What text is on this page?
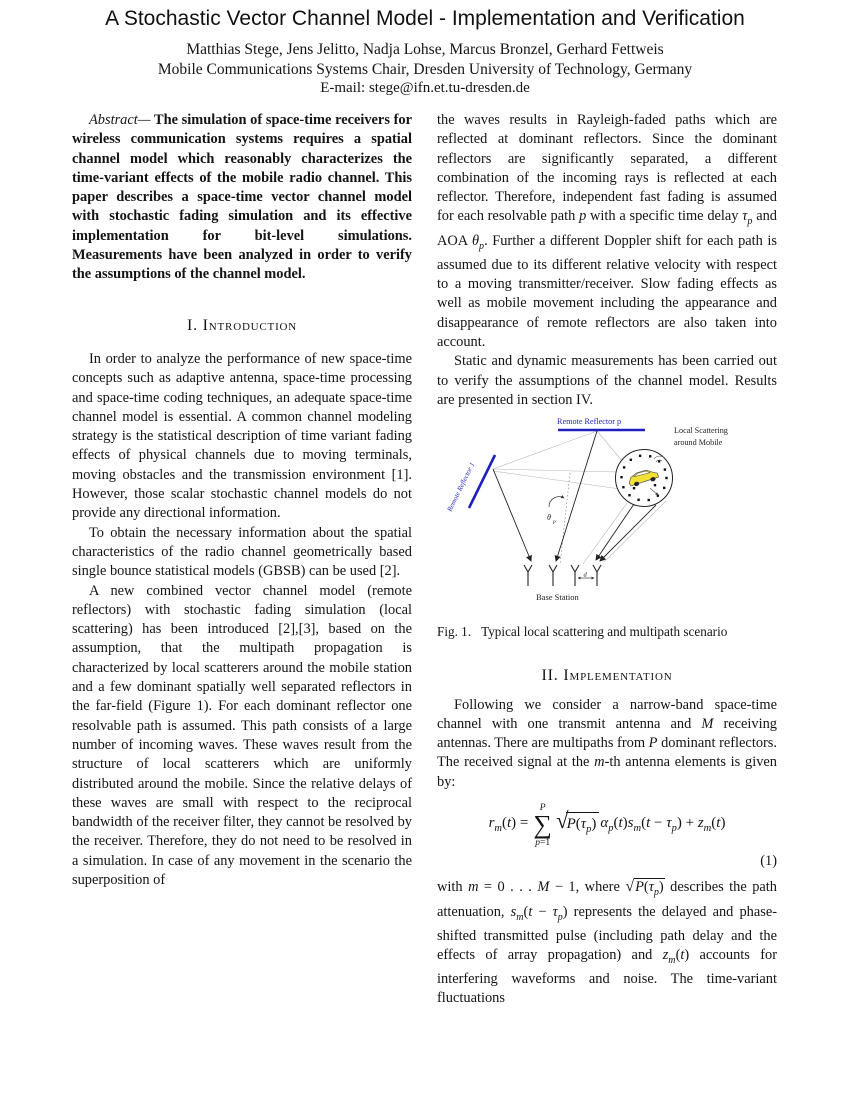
A Stochastic Vector Channel Model - Implementation and Verification
Matthias Stege, Jens Jelitto, Nadja Lohse, Marcus Bronzel, Gerhard Fettweis
Mobile Communications Systems Chair, Dresden University of Technology, Germany
E-mail: stege@ifn.et.tu-dresden.de

Abstract— The simulation of space-time receivers for wireless communication systems requires a spatial channel model which reasonably characterizes the time-variant effects of the mobile radio channel. This paper describes a space-time vector channel model with stochastic fading simulation and its effective implementation for bit-level simulations. Measurements have been analyzed in order to verify the assumptions of the channel model.

I. Introduction

In order to analyze the performance of new space-time concepts such as adaptive antenna, space-time processing and space-time coding techniques, an adequate space-time channel model is essential. A common channel modeling strategy is the statistical description of time variant fading effects of physical channels due to moving terminals, moving obstacles and the transmission environment [1]. However, those scalar stochastic channel models do not provide any directional information.

To obtain the necessary information about the spatial characteristics of the radio channel geometrically based single bounce statistical models (GBSB) can be used [2].

A new combined vector channel model (remote reflectors) with stochastic fading simulation (local scattering) has been introduced [2],[3], based on the assumption, that the multipath propagation is characterized by local scatterers around the mobile station and a few dominant spatially well separated reflectors in the far-field (Figure 1). For each dominant reflector one resolvable path is assumed. This path consists of a large number of incoming waves. These waves result from the structure of local scatterers which are uniformly distributed around the mobile. Since the relative delays of these waves are small with respect to the reciprocal bandwidth of the receiver filter, they cannot be resolved by the receiver. Therefore, they do not need to be resolved in a simulation. In case of any movement in the scenario the superposition of

the waves results in Rayleigh-faded paths which are reflected at dominant reflectors. Since the dominant reflectors are significantly separated, a different combination of the incoming rays is reflected at each reflector. Therefore, independent fast fading is assumed for each resolvable path p with a specific time delay $\tau_p$ and AOA $\theta_p$. Further a different Doppler shift for each path is assumed due to its different relative velocity with respect to a moving transmitter/receiver. Slow fading effects as well as mobile movement including the appearance and disappearance of remote reflectors are also taken into account.

Static and dynamic measurements has been carried out to verify the assumptions of the channel model. Results are presented in section IV.

θ p
Remote Reflector p
Remote Reflector 1
Local Scattering
around Mobile
d
Base Station
Fig. 1. Typical local scattering and multipath scenario
II. Implementation

Following we consider a narrow-band space-time channel with one transmit antenna and M receiving antennas. There are multipaths from P dominant reflectors. The received signal at the m-th antenna elements is given by:

$r_m(t)$ =
P
∑
p=1
√
$P(\tau_p) \alpha_p(t)s_m(t - \tau_p) + z_m(t)$
(1)

with m = 0 . . . M − 1, where $√P(\tau_p)$ describes the path attenuation, $s_m(t - \tau_p)$ represents the delayed and phase-shifted transmitted pulse (including path delay and the effects of array propagation) and $z_m(t)$ accounts for interfering waveforms and noise. The time-variant fluctuations
